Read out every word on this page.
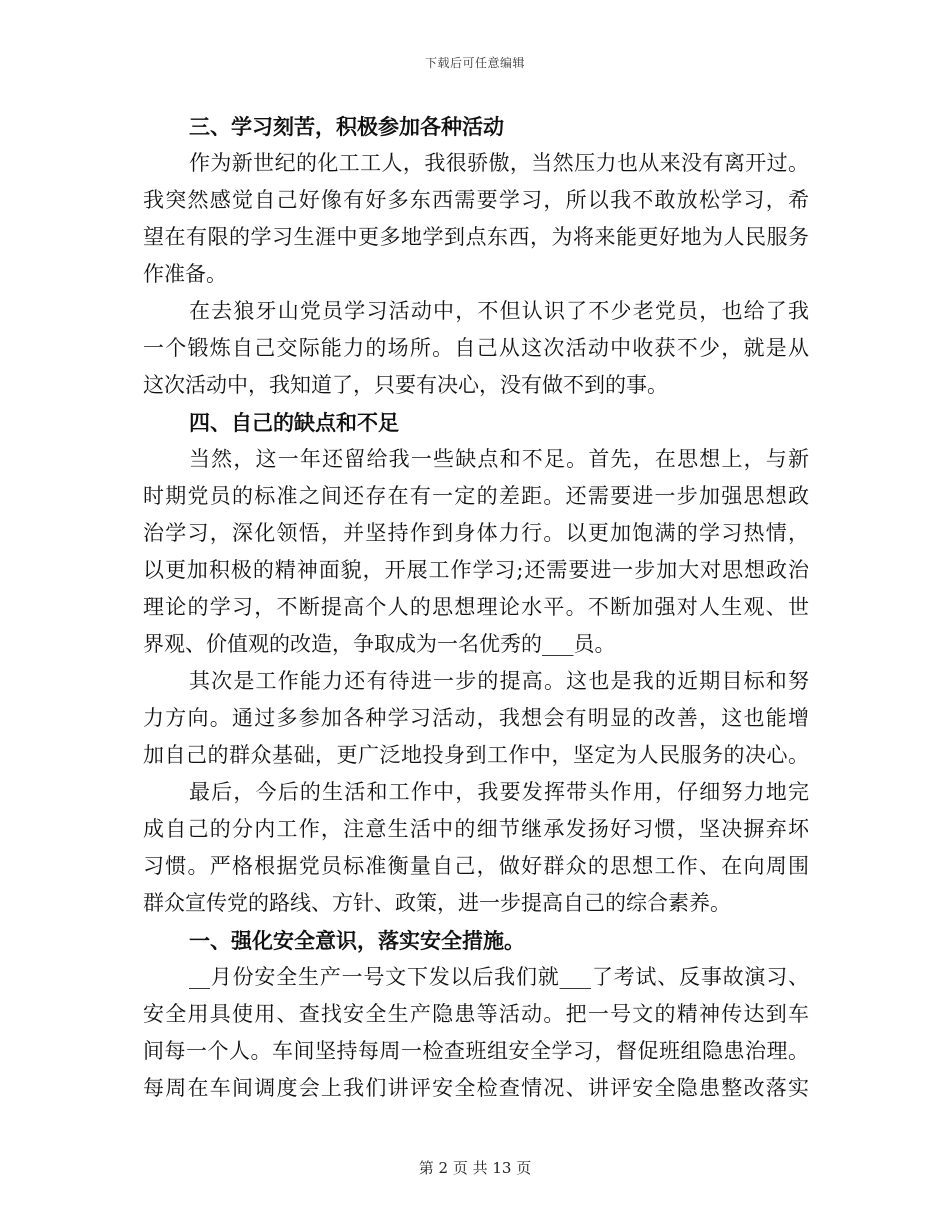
下载后可任意编辑
三、学习刻苦，积极参加各种活动
作为新世纪的化工工人，我很骄傲，当然压力也从来没有离开过。
我突然感觉自己好像有好多东西需要学习，所以我不敢放松学习，希
望在有限的学习生涯中更多地学到点东西，为将来能更好地为人民服务
作准备。
在去狼牙山党员学习活动中，不但认识了不少老党员，也给了我
一个锻炼自己交际能力的场所。自己从这次活动中收获不少，就是从
这次活动中，我知道了，只要有决心，没有做不到的事。
四、自己的缺点和不足
当然，这一年还留给我一些缺点和不足。首先，在思想上，与新
时期党员的标准之间还存在有一定的差距。还需要进一步加强思想政
治学习，深化领悟，并坚持作到身体力行。以更加饱满的学习热情，
以更加积极的精神面貌，开展工作学习;还需要进一步加大对思想政治
理论的学习，不断提高个人的思想理论水平。不断加强对人生观、世
界观、价值观的改造，争取成为一名优秀的___员。
其次是工作能力还有待进一步的提高。这也是我的近期目标和努
力方向。通过多参加各种学习活动，我想会有明显的改善，这也能增
加自己的群众基础，更广泛地投身到工作中，坚定为人民服务的决心。
最后，今后的生活和工作中，我要发挥带头作用，仔细努力地完
成自己的分内工作，注意生活中的细节继承发扬好习惯，坚决摒弃坏
习惯。严格根据党员标准衡量自己，做好群众的思想工作、在向周围
群众宣传党的路线、方针、政策，进一步提高自己的综合素养。
一、强化安全意识，落实安全措施。
__月份安全生产一号文下发以后我们就___了考试、反事故演习、
安全用具使用、查找安全生产隐患等活动。把一号文的精神传达到车
间每一个人。车间坚持每周一检查班组安全学习，督促班组隐患治理。
每周在车间调度会上我们讲评安全检查情况、讲评安全隐患整改落实
第 2 页 共 13 页
